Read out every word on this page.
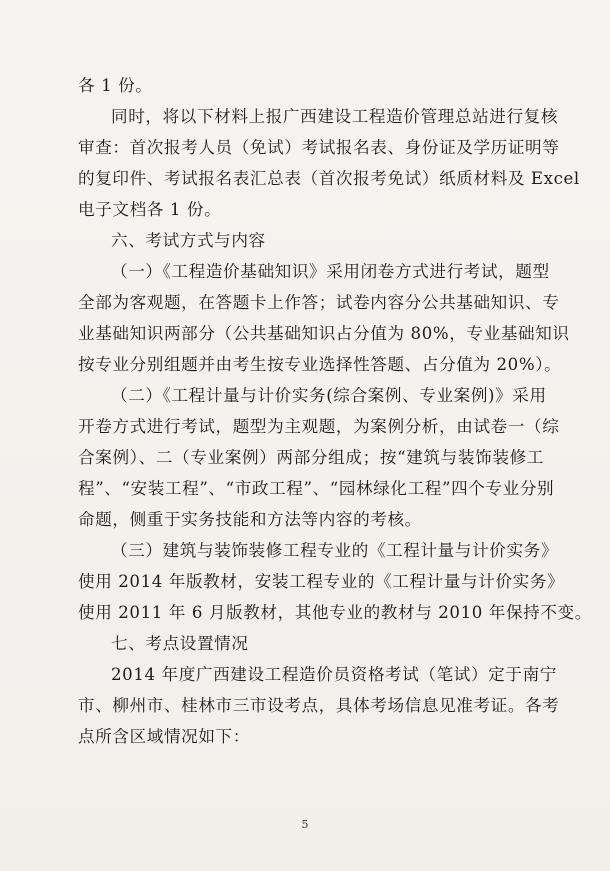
各 1 份。
同时，将以下材料上报广西建设工程造价管理总站进行复核
审查：首次报考人员（免试）考试报名表、身份证及学历证明等
的复印件、考试报名表汇总表（首次报考免试）纸质材料及 Excel
电子文档各 1 份。
六、考试方式与内容
（一）《工程造价基础知识》采用闭卷方式进行考试，题型
全部为客观题，在答题卡上作答；试卷内容分公共基础知识、专
业基础知识两部分（公共基础知识占分值为 80%，专业基础知识
按专业分别组题并由考生按专业选择性答题、占分值为 20%）。
（二）《工程计量与计价实务(综合案例、专业案例)》采用
开卷方式进行考试，题型为主观题，为案例分析，由试卷一（综
合案例）、二（专业案例）两部分组成；按“建筑与装饰装修工
程”、“安装工程”、“市政工程”、“园林绿化工程”四个专业分别
命题，侧重于实务技能和方法等内容的考核。
（三）建筑与装饰装修工程专业的《工程计量与计价实务》
使用 2014 年版教材，安装工程专业的《工程计量与计价实务》
使用 2011 年 6 月版教材，其他专业的教材与 2010 年保持不变。
七、考点设置情况
2014 年度广西建设工程造价员资格考试（笔试）定于南宁
市、柳州市、桂林市三市设考点，具体考场信息见准考证。各考
点所含区域情况如下：
5
